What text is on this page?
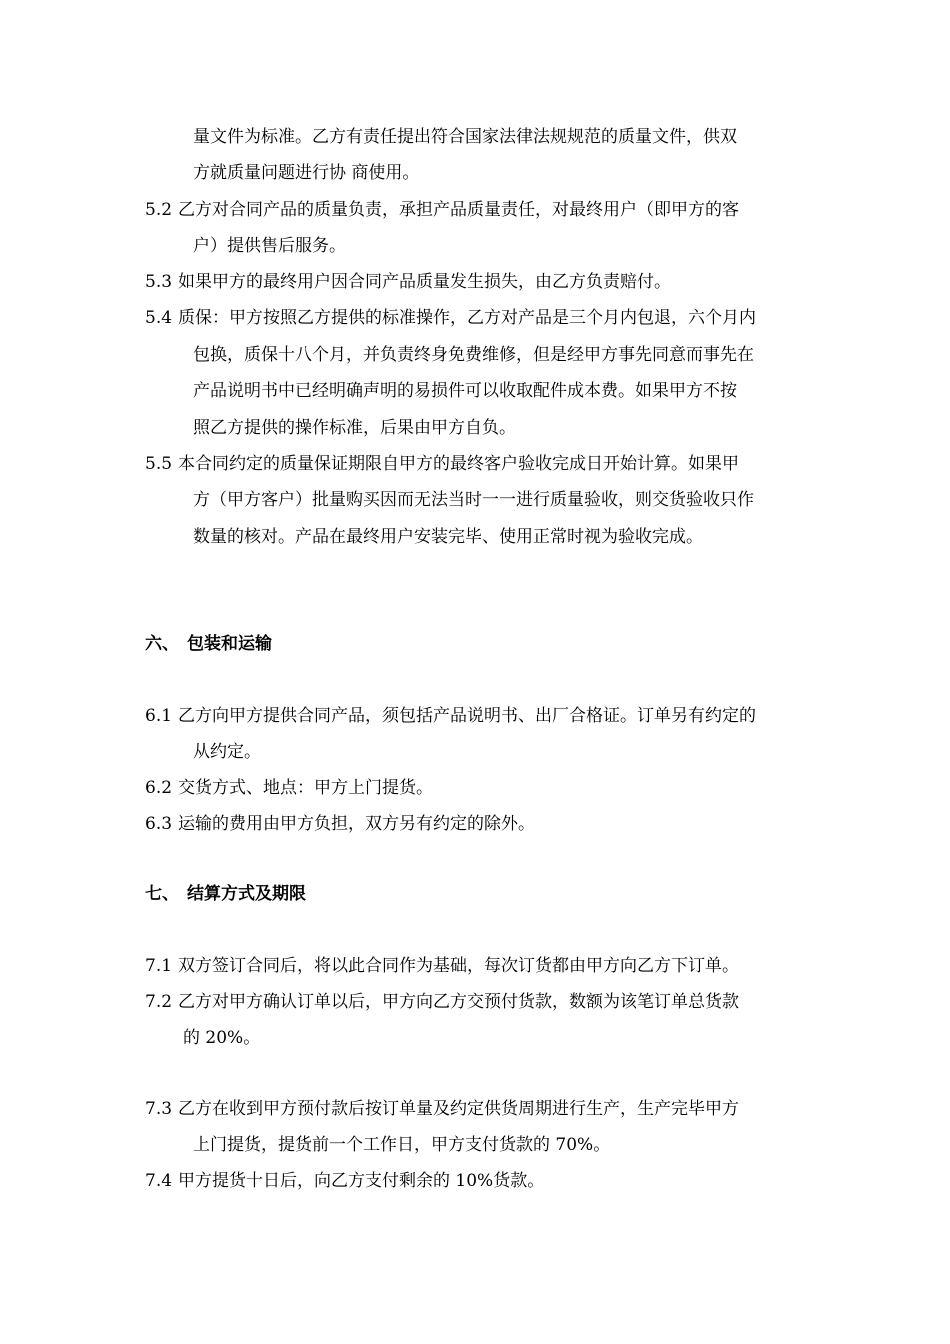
量文件为标准。乙方有责任提出符合国家法律法规规范的质量文件，供双
方就质量问题进行协 商使用。
5.2 乙方对合同产品的质量负责，承担产品质量责任，对最终用户（即甲方的客
户）提供售后服务。
5.3 如果甲方的最终用户因合同产品质量发生损失，由乙方负责赔付。
5.4 质保：甲方按照乙方提供的标准操作，乙方对产品是三个月内包退，六个月内
包换，质保十八个月，并负责终身免费维修，但是经甲方事先同意而事先在
产品说明书中已经明确声明的易损件可以收取配件成本费。如果甲方不按
照乙方提供的操作标准，后果由甲方自负。
5.5 本合同约定的质量保证期限自甲方的最终客户验收完成日开始计算。如果甲
方（甲方客户）批量购买因而无法当时一一进行质量验收，则交货验收只作
数量的核对。产品在最终用户安装完毕、使用正常时视为验收完成。
六、 包装和运输
6.1 乙方向甲方提供合同产品，须包括产品说明书、出厂合格证。订单另有约定的
从约定。
6.2 交货方式、地点：甲方上门提货。
6.3 运输的费用由甲方负担，双方另有约定的除外。
七、 结算方式及期限
7.1 双方签订合同后，将以此合同作为基础，每次订货都由甲方向乙方下订单。
7.2 乙方对甲方确认订单以后，甲方向乙方交预付货款，数额为该笔订单总货款
的 20%。
7.3 乙方在收到甲方预付款后按订单量及约定供货周期进行生产，生产完毕甲方
上门提货，提货前一个工作日，甲方支付货款的 70%。
7.4 甲方提货十日后，向乙方支付剩余的 10%货款。
